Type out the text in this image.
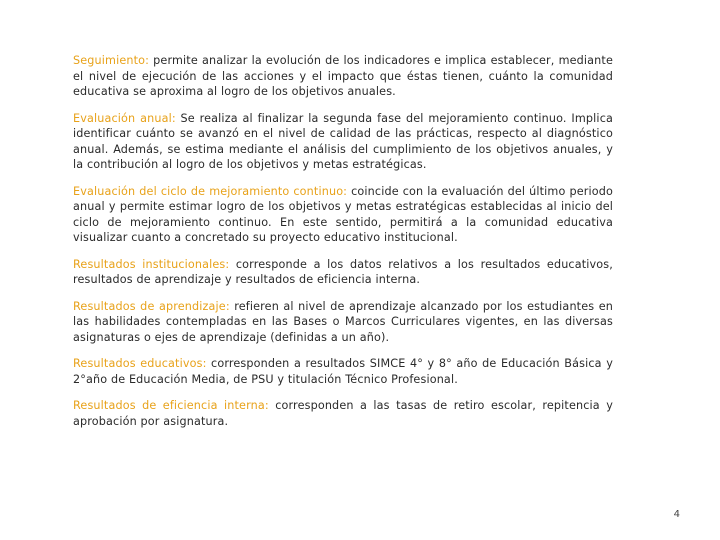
Seguimiento: permite analizar la evolución de los indicadores e implica establecer, mediante el nivel de ejecución de las acciones y el impacto que éstas tienen, cuánto la comunidad educativa se aproxima al logro de los objetivos anuales.

Evaluación anual: Se realiza al finalizar la segunda fase del mejoramiento continuo. Implica identificar cuánto se avanzó en el nivel de calidad de las prácticas, respecto al diagnóstico anual. Además, se estima mediante el análisis del cumplimiento de los objetivos anuales, y la contribución al logro de los objetivos y metas estratégicas.

Evaluación del ciclo de mejoramiento continuo: coincide con la evaluación del último periodo anual y permite estimar logro de los objetivos y metas estratégicas establecidas al inicio del ciclo de mejoramiento continuo. En este sentido, permitirá a la comunidad educativa visualizar cuanto a concretado su proyecto educativo institucional.

Resultados institucionales: corresponde a los datos relativos a los resultados educativos, resultados de aprendizaje y resultados de eficiencia interna.

Resultados de aprendizaje: refieren al nivel de aprendizaje alcanzado por los estudiantes en las habilidades contempladas en las Bases o Marcos Curriculares vigentes, en las diversas asignaturas o ejes de aprendizaje (definidas a un año).

Resultados educativos: corresponden a resultados SIMCE 4° y 8° año de Educación Básica y 2°año de Educación Media, de PSU y titulación Técnico Profesional.

Resultados de eficiencia interna: corresponden a las tasas de retiro escolar, repitencia y aprobación por asignatura.

4
